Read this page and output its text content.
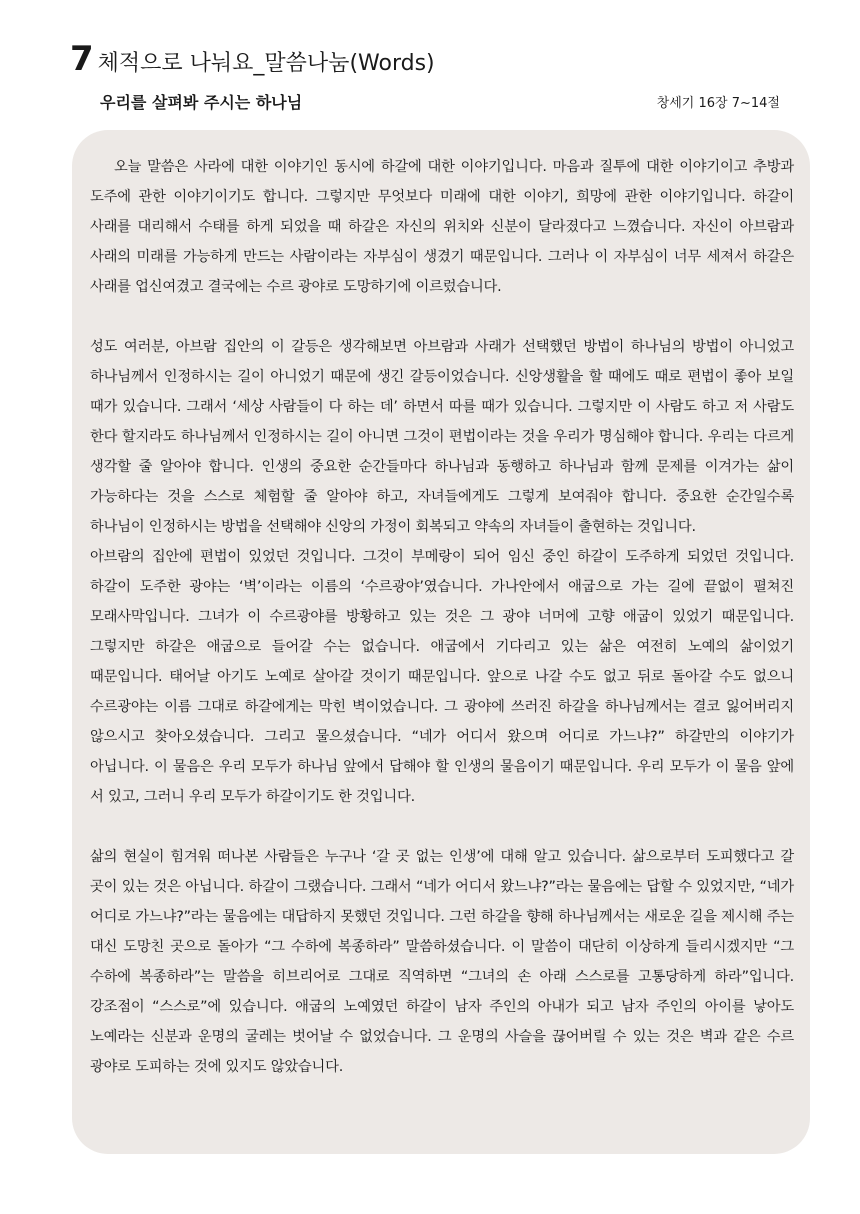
7 체적으로 나눠요_말씀나눔(Words)
우리를 살펴봐 주시는 하나님	창세기 16장 7~14절

오늘 말씀은 사라에 대한 이야기인 동시에 하갈에 대한 이야기입니다. 마음과 질투에 대한 이야기이고 추방과 도주에 관한 이야기이기도 합니다. 그렇지만 무엇보다 미래에 대한 이야기, 희망에 관한 이야기입니다. 하갈이 사래를 대리해서 수태를 하게 되었을 때 하갈은 자신의 위치와 신분이 달라졌다고 느꼈습니다. 자신이 아브람과 사래의 미래를 가능하게 만드는 사람이라는 자부심이 생겼기 때문입니다. 그러나 이 자부심이 너무 세져서 하갈은 사래를 업신여겼고 결국에는 수르 광야로 도망하기에 이르렀습니다.

성도 여러분, 아브람 집안의 이 갈등은 생각해보면 아브람과 사래가 선택했던 방법이 하나님의 방법이 아니었고 하나님께서 인정하시는 길이 아니었기 때문에 생긴 갈등이었습니다. 신앙생활을 할 때에도 때로 편법이 좋아 보일 때가 있습니다. 그래서 ‘세상 사람들이 다 하는 데’ 하면서 따를 때가 있습니다. 그렇지만 이 사람도 하고 저 사람도 한다 할지라도 하나님께서 인정하시는 길이 아니면 그것이 편법이라는 것을 우리가 명심해야 합니다. 우리는 다르게 생각할 줄 알아야 합니다. 인생의 중요한 순간들마다 하나님과 동행하고 하나님과 함께 문제를 이겨가는 삶이 가능하다는 것을 스스로 체험할 줄 알아야 하고, 자녀들에게도 그렇게 보여줘야 합니다. 중요한 순간일수록 하나님이 인정하시는 방법을 선택해야 신앙의 가정이 회복되고 약속의 자녀들이 출현하는 것입니다.

아브람의 집안에 편법이 있었던 것입니다. 그것이 부메랑이 되어 임신 중인 하갈이 도주하게 되었던 것입니다. 하갈이 도주한 광야는 ‘벽’이라는 이름의 ‘수르광야’였습니다. 가나안에서 애굽으로 가는 길에 끝없이 펼쳐진 모래사막입니다. 그녀가 이 수르광야를 방황하고 있는 것은 그 광야 너머에 고향 애굽이 있었기 때문입니다. 그렇지만 하갈은 애굽으로 들어갈 수는 없습니다. 애굽에서 기다리고 있는 삶은 여전히 노예의 삶이었기 때문입니다. 태어날 아기도 노예로 살아갈 것이기 때문입니다. 앞으로 나갈 수도 없고 뒤로 돌아갈 수도 없으니 수르광야는 이름 그대로 하갈에게는 막힌 벽이었습니다. 그 광야에 쓰러진 하갈을 하나님께서는 결코 잃어버리지 않으시고 찾아오셨습니다. 그리고 물으셨습니다. “네가 어디서 왔으며 어디로 가느냐?” 하갈만의 이야기가 아닙니다. 이 물음은 우리 모두가 하나님 앞에서 답해야 할 인생의 물음이기 때문입니다. 우리 모두가 이 물음 앞에 서 있고, 그러니 우리 모두가 하갈이기도 한 것입니다.

삶의 현실이 힘겨워 떠나본 사람들은 누구나 ‘갈 곳 없는 인생’에 대해 알고 있습니다. 삶으로부터 도피했다고 갈 곳이 있는 것은 아닙니다. 하갈이 그랬습니다. 그래서 “네가 어디서 왔느냐?”라는 물음에는 답할 수 있었지만, “네가 어디로 가느냐?”라는 물음에는 대답하지 못했던 것입니다. 그런 하갈을 향해 하나님께서는 새로운 길을 제시해 주는 대신 도망친 곳으로 돌아가 “그 수하에 복종하라” 말씀하셨습니다. 이 말씀이 대단히 이상하게 들리시겠지만 “그 수하에 복종하라”는 말씀을 히브리어로 그대로 직역하면 “그녀의 손 아래 스스로를 고통당하게 하라”입니다. 강조점이 “스스로”에 있습니다. 애굽의 노예였던 하갈이 남자 주인의 아내가 되고 남자 주인의 아이를 낳아도 노예라는 신분과 운명의 굴레는 벗어날 수 없었습니다. 그 운명의 사슬을 끊어버릴 수 있는 것은 벽과 같은 수르 광야로 도피하는 것에 있지도 않았습니다.
